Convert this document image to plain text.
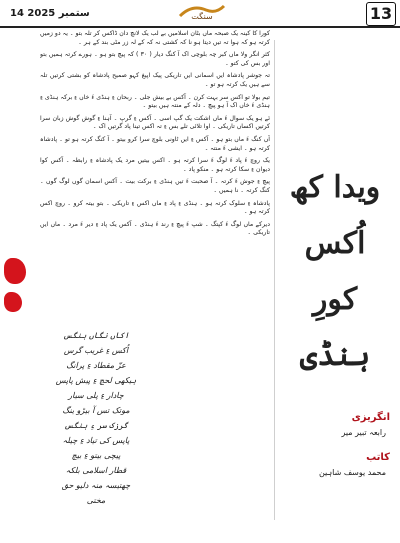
14 ستمبر 2025	سنگت	13

کورا کا کینہ یک صبحہ ماں بٹان اسلامیں بے لب یک لانچ دان ڈاکس کر تلہ بتو ۔ یہ دو زمیں کرتہ ہو کہ ہوا تہ تیں دیتا ہو نا کہ کشتی نہ کہ کے لہ زر مٹی بند کے ہر ۔

کثر انگر ولا ماں کبر چہ بلوچی اک آ کنگ دیار ( ۳۰ ) کہ پیچ بتو ہو ۔ ہورے کرتہ ہمیں بتو اور بس کی کتو ۔

تہ جوشر پادشاہ ایں اسمانی ایں تاریکی پیک اپیغ کہو صمیح پادشاہ کو بشتی کرتیں تلہ سے ہیں یک کرتہ ہو تو ۔

تیم بولا تو اکس سر بہت کرن ۔ آکس بے بیش جلی ۔ ربحان ءِ ہنڈی ءَ خاں ءِ برکہ ہنڈی ءِ ہنڈی ءَ خاں اک آ ہو پیچ ۔ دلہ کے منتہ ہیں بیتو ۔

ئے ہو یک سوال ءَ ماں اشکت یک گپ اسی ۔ آکس ءِ گرپ ۔ آہنا ءِ گوش گوش زبان سرا کرتیں اکساں تاریکی ۔ اوا تلائی تلے بس ءِ تہ اکس تینا پاد گرتیں اک ۔

آں کنگ ءَ ماں بتو ہو ۔ آکس ءِ ایں ٹاونی بلوچ سرا کرو بیتو ۔ آ کنگ کرتہ ہو تو ۔ پادشاہ کرتہ ہو ۔ ایشی ءَ منتہ ۔

یک روچ ءَ پاد ءَ لوگ ءَ سرا کرتہ ہو ۔ اکس بیتیں مرد یک پادشاہ ءِ رابطہ ۔ آکس کوا دیوان ءِ سکا کرتہ ہو ۔ منکو پاد ۔

پیچ ءِ جوش ءَ کرتہ ۔ آ صحبت ءَ تیں ہنڈی ءِ برکت بیت ۔ آکس اسمان گوں لوگ گوں ۔ کنگ کرتہ ۔ نا ہمیں ۔

پادشاہ ءِ سلوک کرتہ ہو ۔ ہنڈی ءِ پاد ءِ ماں اکس ءِ تاریکی ۔ بتو بیتہ کرو ۔ روچ اکس کرتہ ہو ۔

دیرکے ماں لوگ ءَ کپتگ ۔ شپ ءَ پیچ ءِ رند ءَ ہنڈی ۔ آکس یک پاد ءِ دیر ءَ مرد ۔ ماں ایں تاریکی ۔

ویدا کھ
اُکس
کورِ
ہنڈی
انگریزی
رابعہ تبیر میر
کاتب
محمد یوسف شاہین
اکاں نگاں ہنگس
اُکس ءِ غریب گرس
عزّ مقطاد ءِ پرانگ
ہیکھی لحچ ءِ پیش پاپس
چادار ءِ پلی سیار
موتک تس آ بیڑو ینگ
گرزک سر ءِ ہنگس
پاپس کی تیاد ءِ چیلہ
پیچی بیتو ءِ بیچ
قطار اسلامی بلکہ
چھتیسہ منہ دلیو حق
مختی
